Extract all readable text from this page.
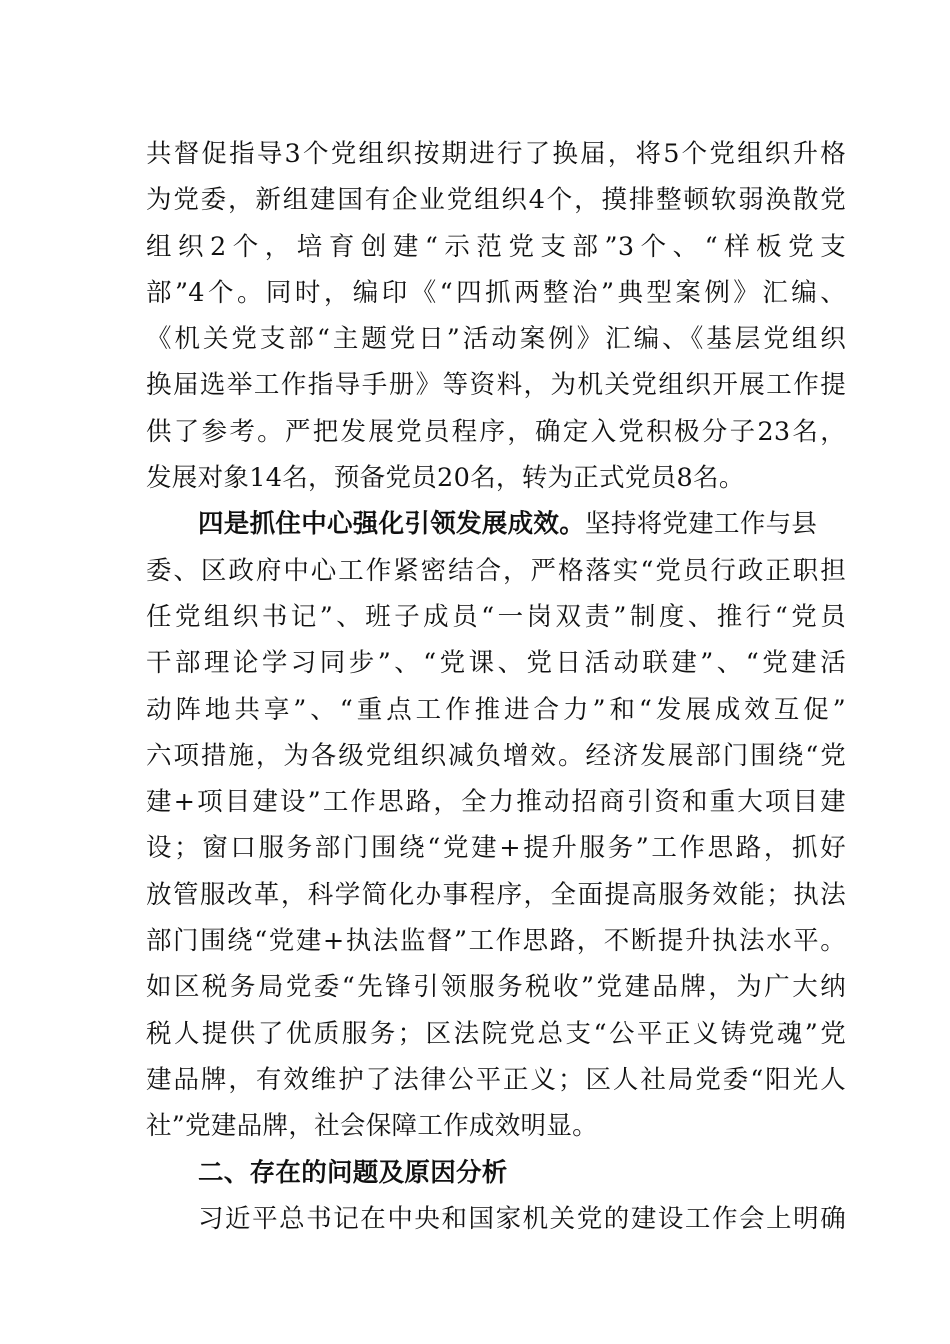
共督促指导3个党组织按期进行了换届，将5个党组织升格
为党委，新组建国有企业党组织4个，摸排整顿软弱涣散党
组织2个，培育创建“示范党支部”3个、“样板党支
部”4个。同时，编印《“四抓两整治”典型案例》汇编、
《机关党支部“主题党日”活动案例》汇编、《基层党组织
换届选举工作指导手册》等资料，为机关党组织开展工作提
供了参考。严把发展党员程序，确定入党积极分子23名，
发展对象14名，预备党员20名，转为正式党员8名。
四是抓住中心强化引领发展成效。坚持将党建工作与县
委、区政府中心工作紧密结合，严格落实“党员行政正职担
任党组织书记”、班子成员“一岗双责”制度、推行“党员
干部理论学习同步”、“党课、党日活动联建”、“党建活
动阵地共享”、“重点工作推进合力”和“发展成效互促”
六项措施，为各级党组织减负增效。经济发展部门围绕“党
建+项目建设”工作思路，全力推动招商引资和重大项目建
设；窗口服务部门围绕“党建+提升服务”工作思路，抓好
放管服改革，科学简化办事程序，全面提高服务效能；执法
部门围绕“党建+执法监督”工作思路，不断提升执法水平。
如区税务局党委“先锋引领服务税收”党建品牌，为广大纳
税人提供了优质服务；区法院党总支“公平正义铸党魂”党
建品牌，有效维护了法律公平正义；区人社局党委“阳光人
社”党建品牌，社会保障工作成效明显。
二、存在的问题及原因分析
习近平总书记在中央和国家机关党的建设工作会上明确
